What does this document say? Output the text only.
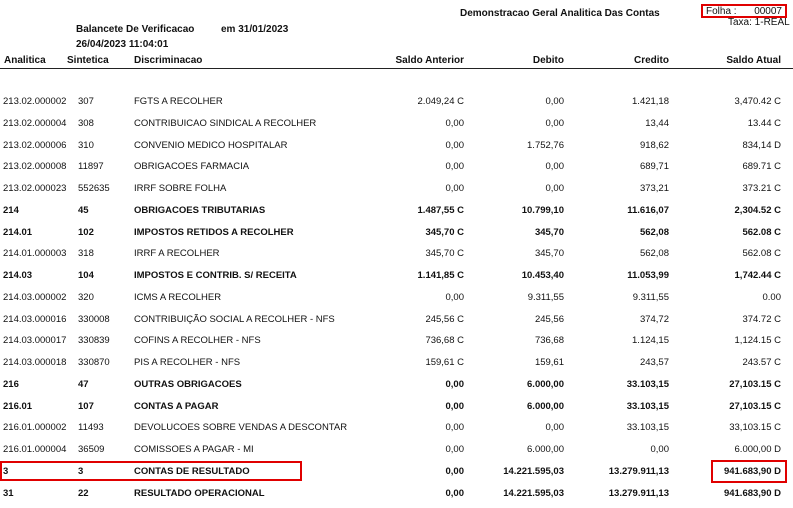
Demonstracao Geral Analitica Das Contas
Balancete De Verificacao	em 31/01/2023
26/04/2023 11:04:01
Folha : 00007
Taxa: 1-REAL
Analitica Sintetica	Discriminacao	Saldo Anterior	Debito	Credito	Saldo Atual
213.02.000002 307	FGTS A RECOLHER	2.049,24 C	0,00	1.421,18	3,470.42 C
213.02.000004 308	CONTRIBUICAO SINDICAL A RECOLHER	0,00	0,00	13,44	13.44 C
213.02.000006 310	CONVENIO MEDICO HOSPITALAR	0,00	1.752,76	918,62	834,14 D
213.02.000008 11897	OBRIGACOES FARMACIA	0,00	0,00	689,71	689.71 C
213.02.000023 552635	IRRF SOBRE FOLHA	0,00	0,00	373,21	373.21 C
214	45	OBRIGACOES TRIBUTARIAS	1.487,55 C	10.799,10	11.616,07	2,304.52 C
214.01	102	IMPOSTOS RETIDOS A RECOLHER	345,70 C	345,70	562,08	562.08 C
214.01.000003 318	IRRF A RECOLHER	345,70 C	345,70	562,08	562.08 C
214.03	104	IMPOSTOS E CONTRIB. S/ RECEITA	1.141,85 C	10.453,40	11.053,99	1,742.44 C
214.03.000002 320	ICMS A RECOLHER	0,00	9.311,55	9.311,55	0.00
214.03.000016 330008	CONTRIBUIÇÃO SOCIAL A RECOLHER - NFS	245,56 C	245,56	374,72	374.72 C
214.03.000017 330839	COFINS A RECOLHER - NFS	736,68 C	736,68	1.124,15	1,124.15 C
214.03.000018 330870	PIS A RECOLHER - NFS	159,61 C	159,61	243,57	243.57 C
216	47	OUTRAS OBRIGACOES	0,00	6.000,00	33.103,15	27,103.15 C
216.01	107	CONTAS A PAGAR	0,00	6.000,00	33.103,15	27,103.15 C
216.01.000002 11493	DEVOLUCOES SOBRE VENDAS A DESCONTAR	0,00	0,00	33.103,15	33,103.15 C
216.01.000004 36509	COMISSOES A PAGAR - MI	0,00	6.000,00	0,00	6.000,00 D
3	3	CONTAS DE RESULTADO	0,00	14.221.595,03	13.279.911,13	941.683,90 D
31	22	RESULTADO OPERACIONAL	0,00	14.221.595,03	13.279.911,13	941.683,90 D
